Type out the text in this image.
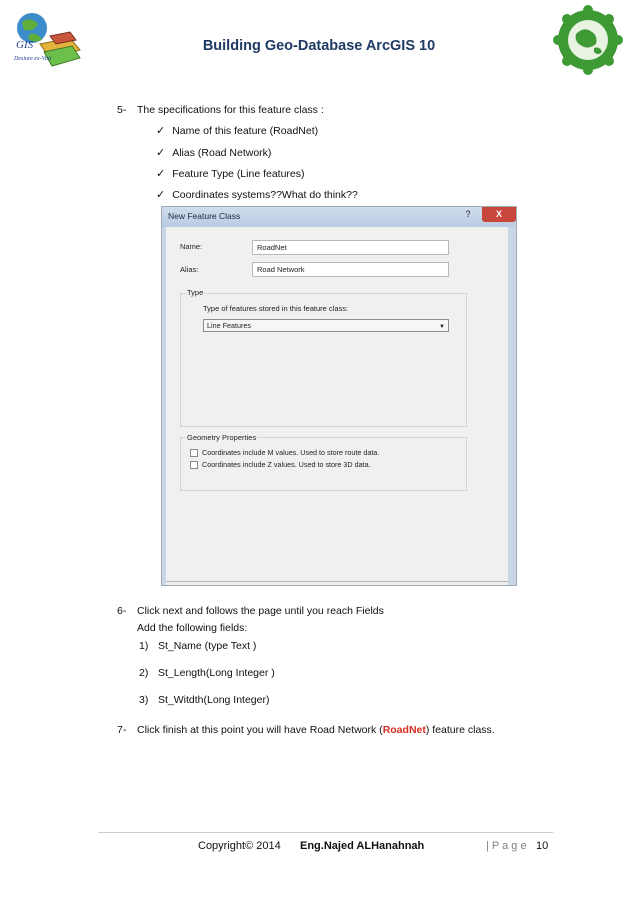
GIS
Desiure ex-Vint
Building Geo-Database ArcGIS 10
5- The specifications for this feature class :
✓ Name of this feature (RoadNet)
✓ Alias (Road Network)
✓ Feature Type (Line features)
✓ Coordinates systems??What do think??
New Feature Class	?	X
Name:	RoadNet
Alias:	Road Network
Type
Type of features stored in this feature class:
Line Features	▼
Geometry Properties
Coordinates include M values. Used to store route data.
Coordinates include Z values. Used to store 3D data.
6- Click next and follows the page until you reach Fields
Add the following fields:
1) St_Name (type Text )
2) St_Length(Long Integer )
3) St_Witdth(Long Integer)
7- Click finish at this point you will have Road Network (RoadNet) feature class.
Copyright© 2014 Eng.Najed ALHanahnah	| P a g e 10
